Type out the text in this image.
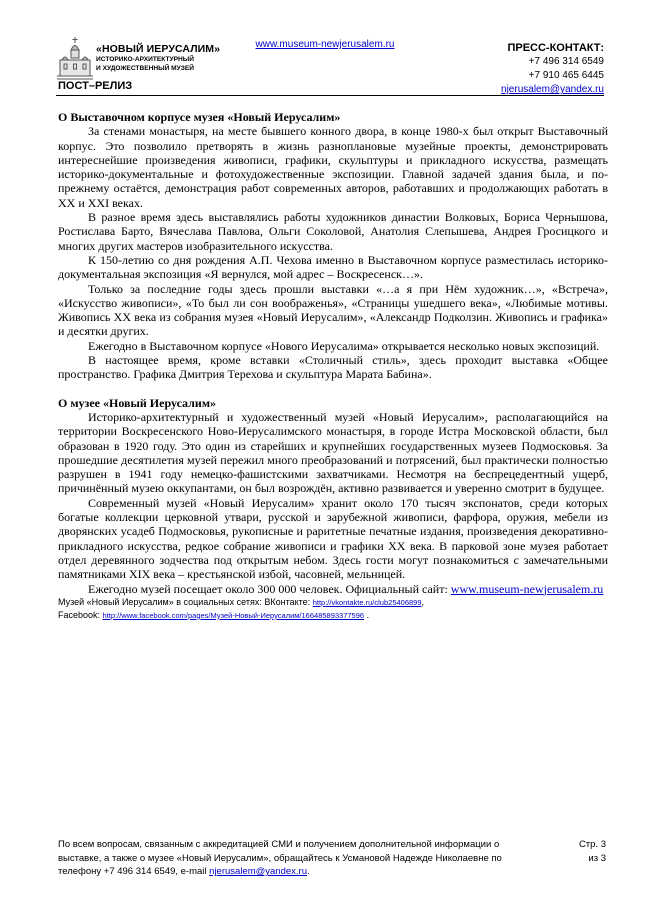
«НОВЫЙ ИЕРУСАЛИМ»
ИСТОРИКО-АРХИТЕКТУРНЫЙ
И ХУДОЖЕСТВЕННЫЙ МУЗЕЙ
ПОСТ–РЕЛИЗ
www.museum-newjerusalem.ru	ПРЕСС-КОНТАКТ:
+7 496 314 6549
+7 910 465 6445
njerusalem@yandex.ru

О Выставочном корпусе музея «Новый Иерусалим»

За стенами монастыря, на месте бывшего конного двора, в конце 1980-х был открыт Выставочный корпус. Это позволило претворять в жизнь разноплановые музейные проекты, демонстрировать интереснейшие произведения живописи, графики, скульптуры и прикладного искусства, размещать историко-документальные и фотохудожественные экспозиции. Главной задачей здания была, и по-прежнему остаётся, демонстрация работ современных авторов, работавших и продолжающих работать в XX и XXI веках.

В разное время здесь выставлялись работы художников династии Волковых, Бориса Чернышова, Ростислава Барто, Вячеслава Павлова, Ольги Соколовой, Анатолия Слепышева, Андрея Гросицкого и многих других мастеров изобразительного искусства.

К 150-летию со дня рождения А.П. Чехова именно в Выставочном корпусе разместилась историко-документальная экспозиция «Я вернулся, мой адрес – Воскресенск…».

Только за последние годы здесь прошли выставки «…а я при Нём художник…», «Встреча», «Искусство живописи», «То был ли сон воображенья», «Страницы ушедшего века», «Любимые мотивы. Живопись XX века из собрания музея «Новый Иерусалим», «Александр Подколзин. Живопись и графика» и десятки других.

Ежегодно в Выставочном корпусе «Нового Иерусалима» открывается несколько новых экспозиций.

В настоящее время, кроме вставки «Столичный стиль», здесь проходит выставка «Общее пространство. Графика Дмитрия Терехова и скульптура Марата Бабина».

О музее «Новый Иерусалим»

Историко-архитектурный и художественный музей «Новый Иерусалим», располагающийся на территории Воскресенского Ново-Иерусалимского монастыря, в городе Истра Московской области, был образован в 1920 году. Это один из старейших и крупнейших государственных музеев Подмосковья. За прошедшие десятилетия музей пережил много преобразований и потрясений, был практически полностью разрушен в 1941 году немецко-фашистскими захватчиками. Несмотря на беспрецедентный ущерб, причинённый музею оккупантами, он был возрождён, активно развивается и уверенно смотрит в будущее.

Современный музей «Новый Иерусалим» хранит около 170 тысяч экспонатов, среди которых богатые коллекции церковной утвари, русской и зарубежной живописи, фарфора, оружия, мебели из дворянских усадеб Подмосковья, рукописные и раритетные печатные издания, произведения декоративно-прикладного искусства, редкое собрание живописи и графики XX века. В парковой зоне музея работает отдел деревянного зодчества под открытым небом. Здесь гости могут познакомиться с замечательными памятниками XIX века – крестьянской избой, часовней, мельницей.

Ежегодно музей посещает около 300 000 человек. Официальный сайт: www.museum-newjerusalem.ru

Музей «Новый Иерусалим» в социальных сетях: ВКонтакте: http://vkontakte.ru/club25406899,

Facebook: http://www.facebook.com/pages/Музей-Новый-Иерусалим/166485893377596 .

По всем вопросам, связанным с аккредитацией СМИ и получением дополнительной информации о выставке, а также о музее «Новый Иерусалим», обращайтесь к Усмановой Надежде Николаевне по телефону +7 496 314 6549, e-mail njerusalem@yandex.ru.
Стр. 3
из 3
